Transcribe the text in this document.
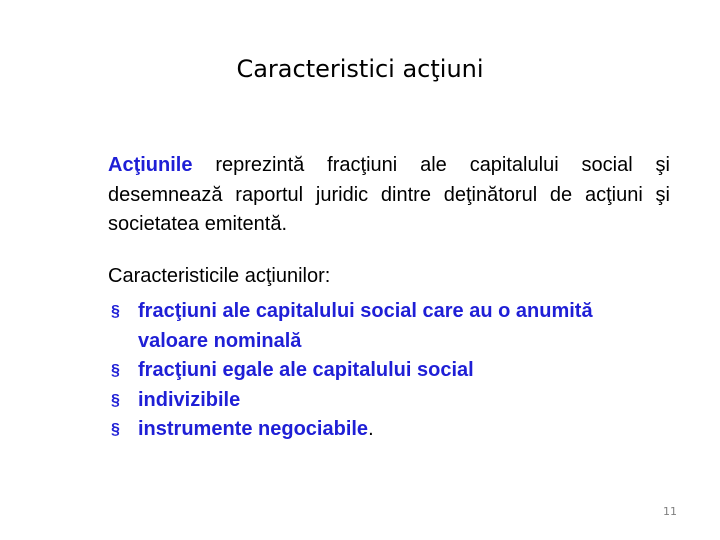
Caracteristici acţiuni

Acţiunile reprezintă fracţiuni ale capitalului social şi desemnează raportul juridic dintre deţinătorul de acţiuni şi societatea emitentă.

Caracteristicile acţiunilor:

§ fracţiuni ale capitalului social care au o anumită valoare nominală
§ fracţiuni egale ale capitalului social
§ indivizibile
§ instrumente negociabile.
11
